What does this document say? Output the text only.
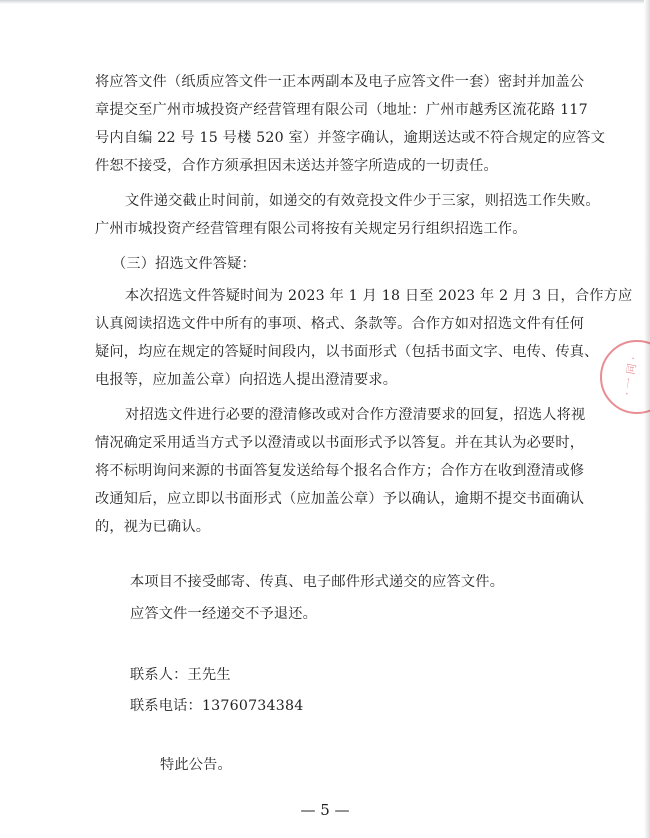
将应答文件（纸质应答文件一正本两副本及电子应答文件一套）密封并加盖公
章提交至广州市城投资产经营管理有限公司（地址：广州市越秀区流花路 117
号内自编 22 号 15 号楼 520 室）并签字确认，逾期送达或不符合规定的应答文
件恕不接受，合作方须承担因未送达并签字所造成的一切责任。
文件递交截止时间前，如递交的有效竞投文件少于三家，则招选工作失败。
广州市城投资产经营管理有限公司将按有关规定另行组织招选工作。
（三）招选文件答疑：
本次招选文件答疑时间为 2023 年 1 月 18 日至 2023 年 2 月 3 日，合作方应
认真阅读招选文件中所有的事项、格式、条款等。合作方如对招选文件有任何
疑问，均应在规定的答疑时间段内，以书面形式（包括书面文字、电传、传真、
电报等，应加盖公章）向招选人提出澄清要求。
对招选文件进行必要的澄清修改或对合作方澄清要求的回复，招选人将视
情况确定采用适当方式予以澄清或以书面形式予以答复。并在其认为必要时，
将不标明询问来源的书面答复发送给每个报名合作方；合作方在收到澄清或修
改通知后，应立即以书面形式（应加盖公章）予以确认，逾期不提交书面确认
的，视为已确认。
本项目不接受邮寄、传真、电子邮件形式递交的应答文件。
应答文件一经递交不予退还。
联系人：王先生
联系电话：13760734384
特此公告。
— 5 —
· 一 同 ·
